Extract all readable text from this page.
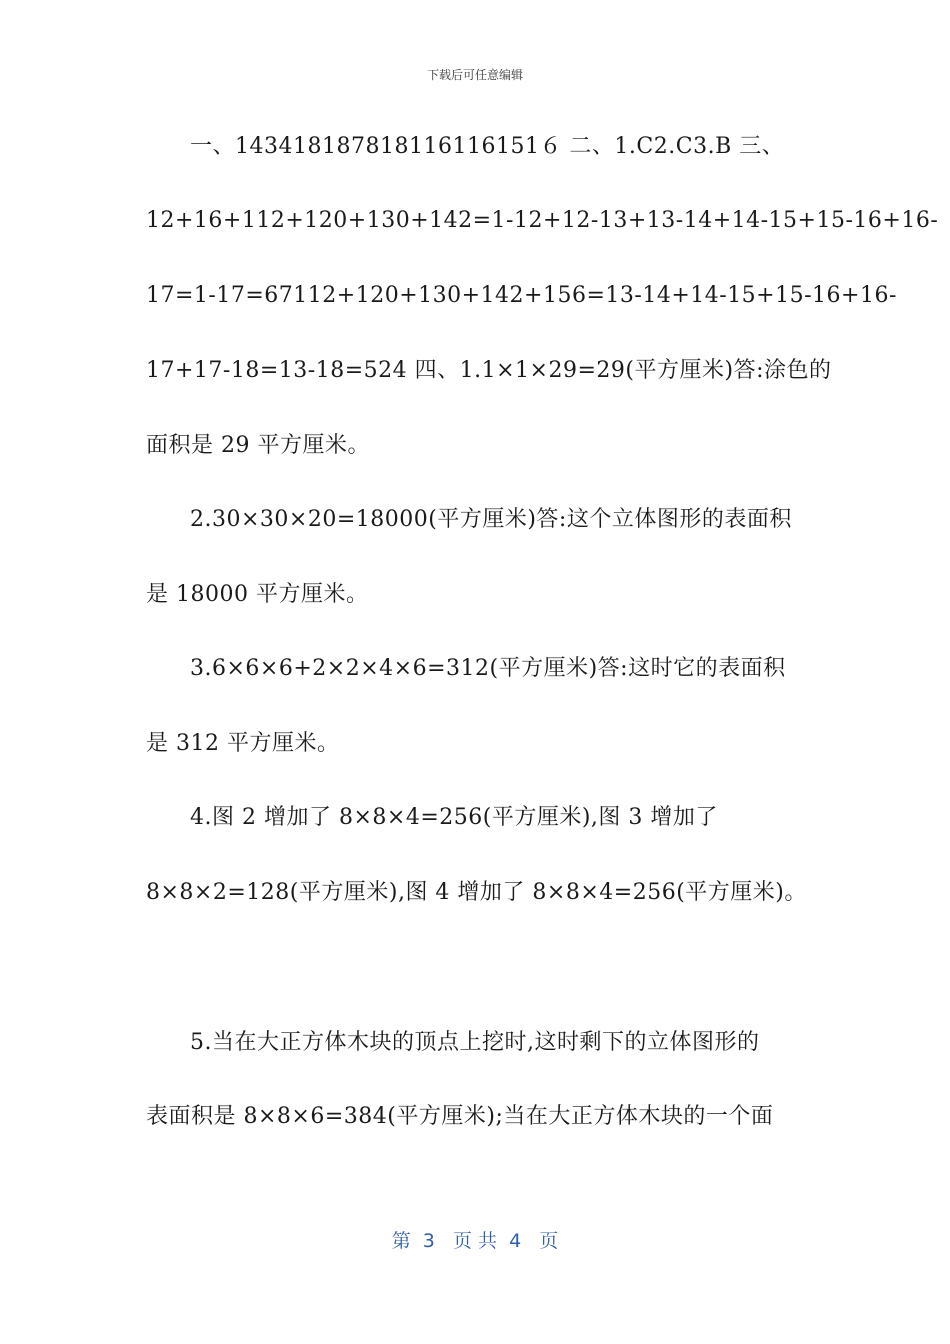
下载后可任意编辑
一、143418187818116116151６ 二、1.C2.C3.B 三、
12+16+112+120+130+142=1-12+12-13+13-14+14-15+15-16+16-
17=1-17=67112+120+130+142+156=13-14+14-15+15-16+16-
17+17-18=13-18=524 四、1.1×1×29=29(平方厘米)答:涂色的
面积是 29 平方厘米。
2.30×30×20=18000(平方厘米)答:这个立体图形的表面积
是 18000 平方厘米。
3.6×6×6+2×2×4×6=312(平方厘米)答:这时它的表面积
是 312 平方厘米。
4.图 2 增加了 8×8×4=256(平方厘米),图 3 增加了
8×8×2=128(平方厘米),图 4 增加了 8×8×4=256(平方厘米)。
5.当在大正方体木块的顶点上挖时,这时剩下的立体图形的
表面积是 8×8×6=384(平方厘米);当在大正方体木块的一个面
第  3   页 共  4   页
